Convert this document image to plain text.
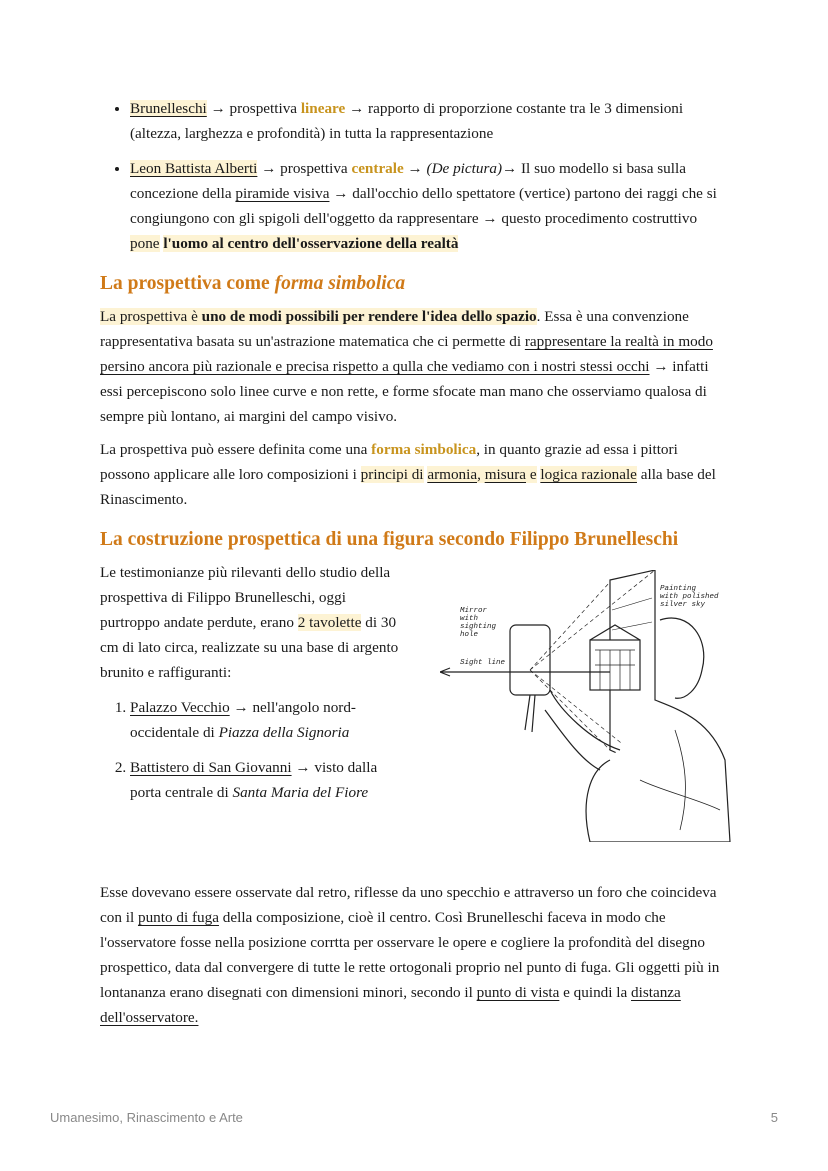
• Brunelleschi → prospettiva lineare → rapporto di proporzione costante tra le 3 dimensioni (altezza, larghezza e profondità) in tutta la rappresentazione
• Leon Battista Alberti → prospettiva centrale → (De pictura)→ Il suo modello si basa sulla concezione della piramide visiva → dall'occhio dello spettatore (vertice) partono dei raggi che si congiungono con gli spigoli dell'oggetto da rappresentare → questo procedimento costruttivo pone l'uomo al centro dell'osservazione della realtà
La prospettiva come forma simbolica

La prospettiva è uno de modi possibili per rendere l'idea dello spazio. Essa è una convenzione rappresentativa basata su un'astrazione matematica che ci permette di rappresentare la realtà in modo persino ancora più razionale e precisa rispetto a qulla che vediamo con i nostri stessi occhi → infatti essi percepiscono solo linee curve e non rette, e forme sfocate man mano che osserviamo qualosa di sempre più lontano, ai margini del campo visivo.

La prospettiva può essere definita come una forma simbolica, in quanto grazie ad essa i pittori possono applicare alle loro composizioni i principi di armonia, misura e logica razionale alla base del Rinascimento.

La costruzione prospettica di una figura secondo Filippo Brunelleschi

Le testimonianze più rilevanti dello studio della prospettiva di Filippo Brunelleschi, oggi purtroppo andate perdute, erano 2 tavolette di 30 cm di lato circa, realizzate su una base di argento brunito e raffiguranti:

1. Palazzo Vecchio → nell'angolo nord-occidentale di Piazza della Signoria
2. Battistero di San Giovanni → visto dalla porta centrale di Santa Maria del Fiore
Mirror
with
sighting
hole
Painting
with polished
silver sky
Sight line

Esse dovevano essere osservate dal retro, riflesse da uno specchio e attraverso un foro che coincideva con il punto di fuga della composizione, cioè il centro. Così Brunelleschi faceva in modo che l'osservatore fosse nella posizione corrtta per osservare le opere e cogliere la profondità del disegno prospettico, data dal convergere di tutte le rette ortogonali proprio nel punto di fuga. Gli oggetti più in lontananza erano disegnati con dimensioni minori, secondo il punto di vista e quindi la distanza dell'osservatore.

Umanesimo, Rinascimento e Arte	5
